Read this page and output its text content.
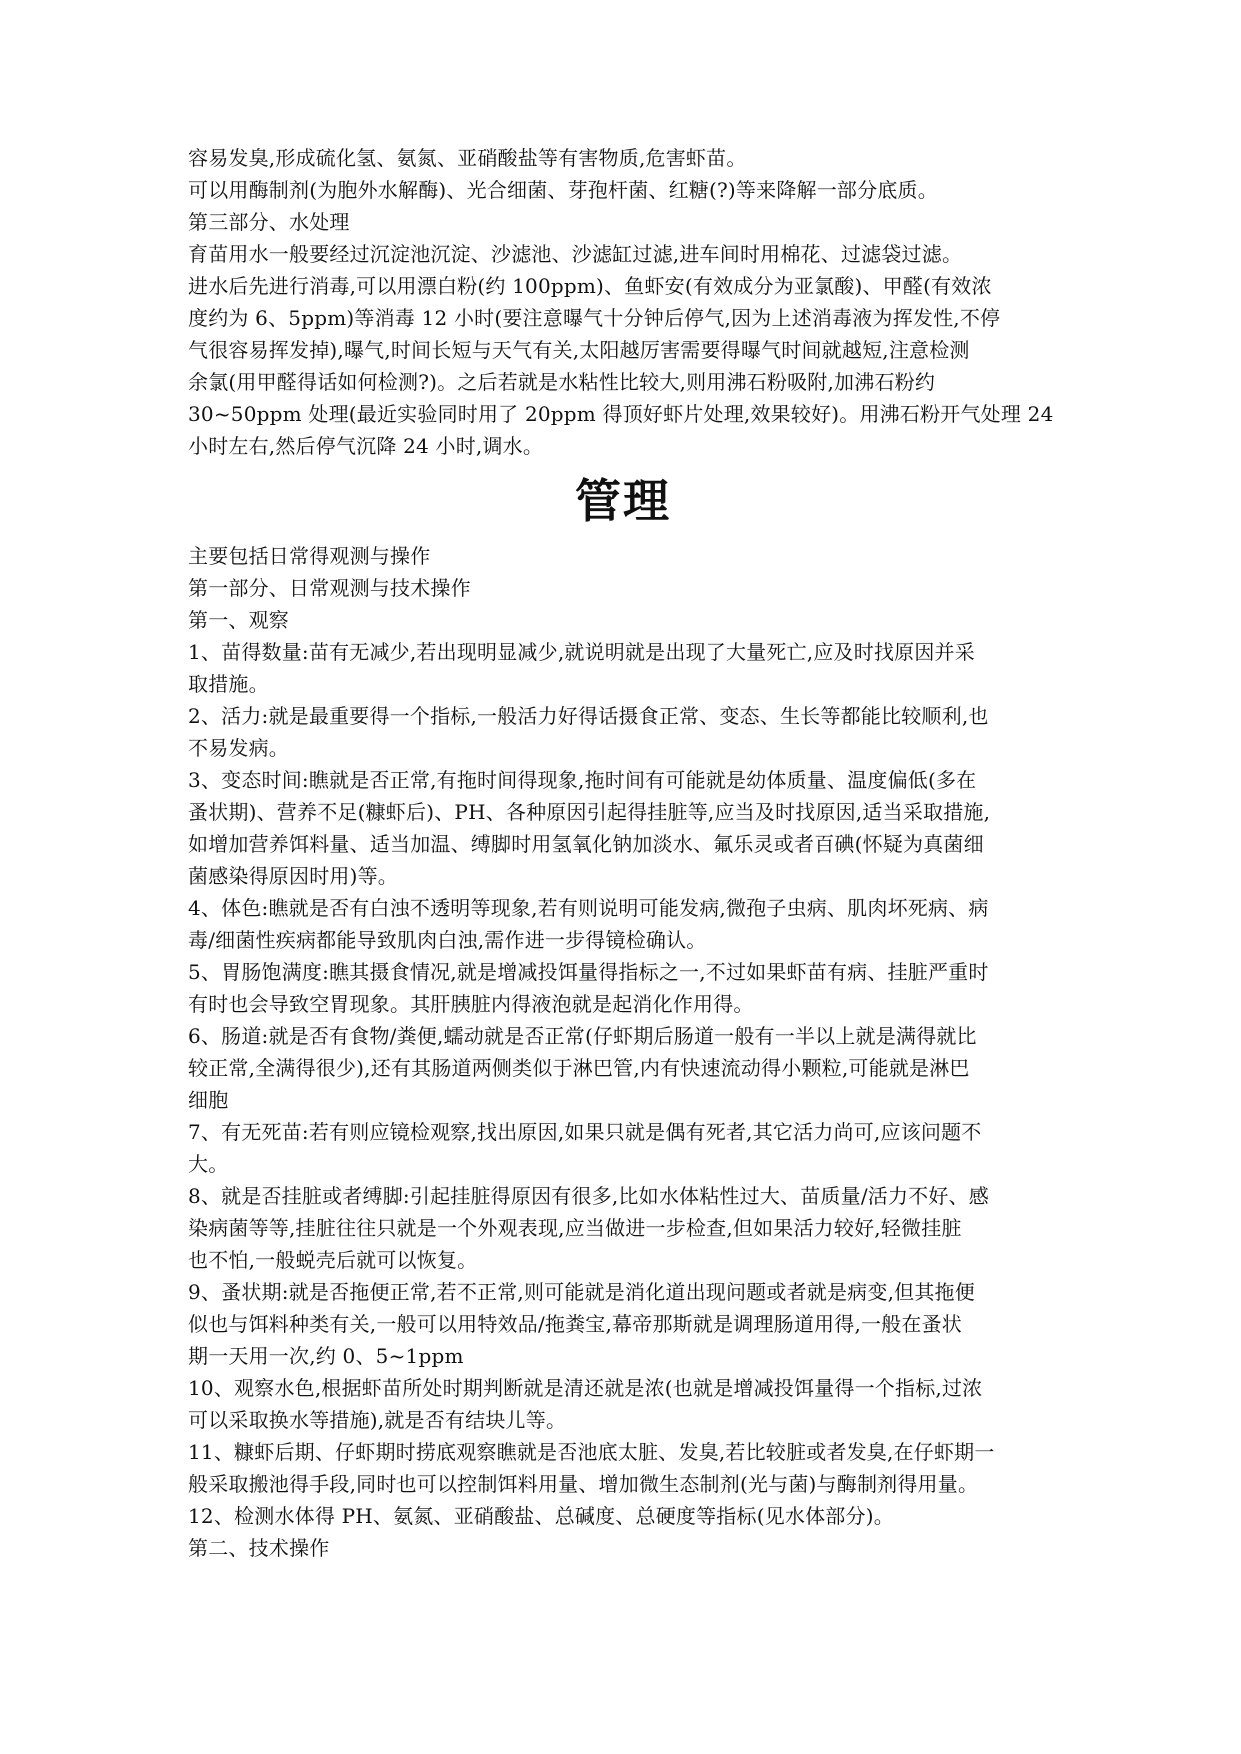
容易发臭,形成硫化氢、氨氮、亚硝酸盐等有害物质,危害虾苗。
可以用酶制剂(为胞外水解酶)、光合细菌、芽孢杆菌、红糖(?)等来降解一部分底质。
第三部分、水处理
育苗用水一般要经过沉淀池沉淀、沙滤池、沙滤缸过滤,进车间时用棉花、过滤袋过滤。
进水后先进行消毒,可以用漂白粉(约 100ppm)、鱼虾安(有效成分为亚氯酸)、甲醛(有效浓
度约为 6、5ppm)等消毒 12 小时(要注意曝气十分钟后停气,因为上述消毒液为挥发性,不停
气很容易挥发掉),曝气,时间长短与天气有关,太阳越厉害需要得曝气时间就越短,注意检测
余氯(用甲醛得话如何检测?)。之后若就是水粘性比较大,则用沸石粉吸附,加沸石粉约
30~50ppm 处理(最近实验同时用了 20ppm 得顶好虾片处理,效果较好)。用沸石粉开气处理 24
小时左右,然后停气沉降 24 小时,调水。
管理
主要包括日常得观测与操作
第一部分、日常观测与技术操作
第一、观察
1、苗得数量:苗有无减少,若出现明显减少,就说明就是出现了大量死亡,应及时找原因并采
取措施。
2、活力:就是最重要得一个指标,一般活力好得话摄食正常、变态、生长等都能比较顺利,也
不易发病。
3、变态时间:瞧就是否正常,有拖时间得现象,拖时间有可能就是幼体质量、温度偏低(多在
蚤状期)、营养不足(糠虾后)、PH、各种原因引起得挂脏等,应当及时找原因,适当采取措施,
如增加营养饵料量、适当加温、缚脚时用氢氧化钠加淡水、氟乐灵或者百碘(怀疑为真菌细
菌感染得原因时用)等。
4、体色:瞧就是否有白浊不透明等现象,若有则说明可能发病,微孢子虫病、肌肉坏死病、病
毒/细菌性疾病都能导致肌肉白浊,需作进一步得镜检确认。
5、胃肠饱满度:瞧其摄食情况,就是增减投饵量得指标之一,不过如果虾苗有病、挂脏严重时
有时也会导致空胃现象。其肝胰脏内得液泡就是起消化作用得。
6、肠道:就是否有食物/粪便,蠕动就是否正常(仔虾期后肠道一般有一半以上就是满得就比
较正常,全满得很少),还有其肠道两侧类似于淋巴管,内有快速流动得小颗粒,可能就是淋巴
细胞
7、有无死苗:若有则应镜检观察,找出原因,如果只就是偶有死者,其它活力尚可,应该问题不
大。
8、就是否挂脏或者缚脚:引起挂脏得原因有很多,比如水体粘性过大、苗质量/活力不好、感
染病菌等等,挂脏往往只就是一个外观表现,应当做进一步检查,但如果活力较好,轻微挂脏
也不怕,一般蜕壳后就可以恢复。
9、蚤状期:就是否拖便正常,若不正常,则可能就是消化道出现问题或者就是病变,但其拖便
似也与饵料种类有关,一般可以用特效品/拖粪宝,幕帝那斯就是调理肠道用得,一般在蚤状
期一天用一次,约 0、5~1ppm
10、观察水色,根据虾苗所处时期判断就是清还就是浓(也就是增减投饵量得一个指标,过浓
可以采取换水等措施),就是否有结块儿等。
11、糠虾后期、仔虾期时捞底观察瞧就是否池底太脏、发臭,若比较脏或者发臭,在仔虾期一
般采取搬池得手段,同时也可以控制饵料用量、增加微生态制剂(光与菌)与酶制剂得用量。
12、检测水体得 PH、氨氮、亚硝酸盐、总碱度、总硬度等指标(见水体部分)。
第二、技术操作
